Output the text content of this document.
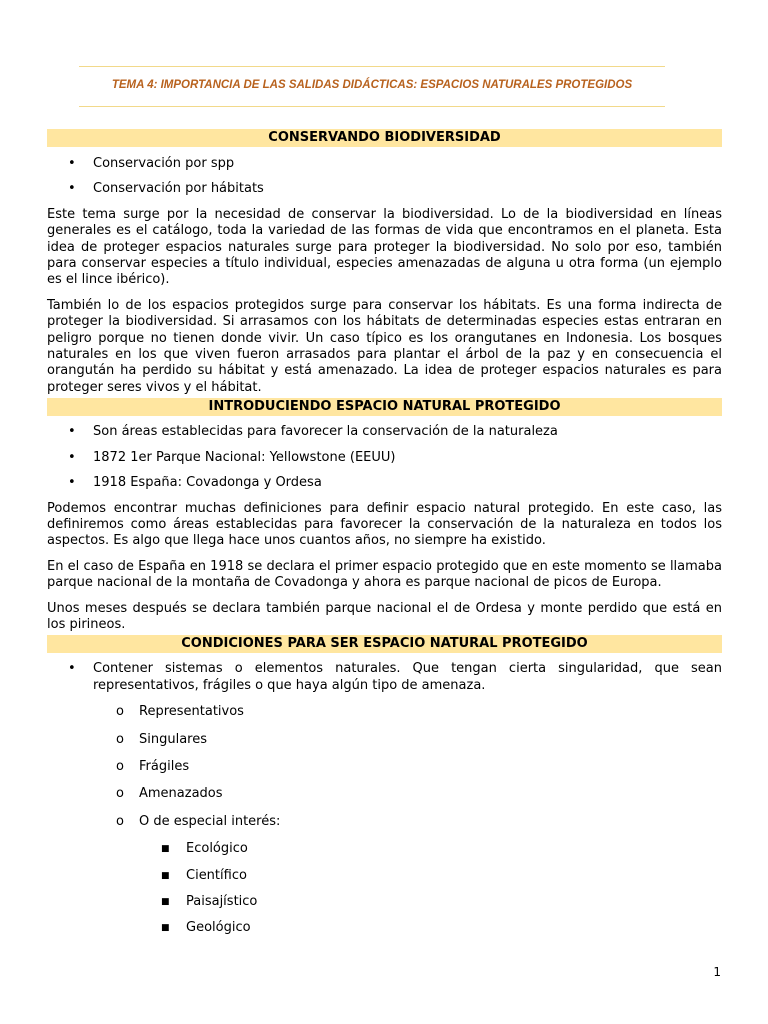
TEMA 4: IMPORTANCIA DE LAS SALIDAS DIDÁCTICAS: ESPACIOS NATURALES PROTEGIDOS
CONSERVANDO BIODIVERSIDAD
• Conservación por spp
• Conservación por hábitats

Este tema surge por la necesidad de conservar la biodiversidad. Lo de la biodiversidad en líneas generales es el catálogo, toda la variedad de las formas de vida que encontramos en el planeta. Esta idea de proteger espacios naturales surge para proteger la biodiversidad. No solo por eso, también para conservar especies a título individual, especies amenazadas de alguna u otra forma (un ejemplo es el lince ibérico).

También lo de los espacios protegidos surge para conservar los hábitats. Es una forma indirecta de proteger la biodiversidad. Si arrasamos con los hábitats de determinadas especies estas entraran en peligro porque no tienen donde vivir. Un caso típico es los orangutanes en Indonesia. Los bosques naturales en los que viven fueron arrasados para plantar el árbol de la paz y en consecuencia el orangután ha perdido su hábitat y está amenazado. La idea de proteger espacios naturales es para proteger seres vivos y el hábitat.

INTRODUCIENDO ESPACIO NATURAL PROTEGIDO
• Son áreas establecidas para favorecer la conservación de la naturaleza
• 1872 1er Parque Nacional: Yellowstone (EEUU)
• 1918 España: Covadonga y Ordesa

Podemos encontrar muchas definiciones para definir espacio natural protegido. En este caso, las definiremos como áreas establecidas para favorecer la conservación de la naturaleza en todos los aspectos. Es algo que llega hace unos cuantos años, no siempre ha existido.

En el caso de España en 1918 se declara el primer espacio protegido que en este momento se llamaba parque nacional de la montaña de Covadonga y ahora es parque nacional de picos de Europa.

Unos meses después se declara también parque nacional el de Ordesa y monte perdido que está en los pirineos.

CONDICIONES PARA SER ESPACIO NATURAL PROTEGIDO
• Contener sistemas o elementos naturales. Que tengan cierta singularidad, que sean representativos, frágiles o que haya algún tipo de amenaza.
o Representativos
o Singulares
o Frágiles
o Amenazados
o O de especial interés:
■ Ecológico
■ Científico
■ Paisajístico
■ Geológico
1
